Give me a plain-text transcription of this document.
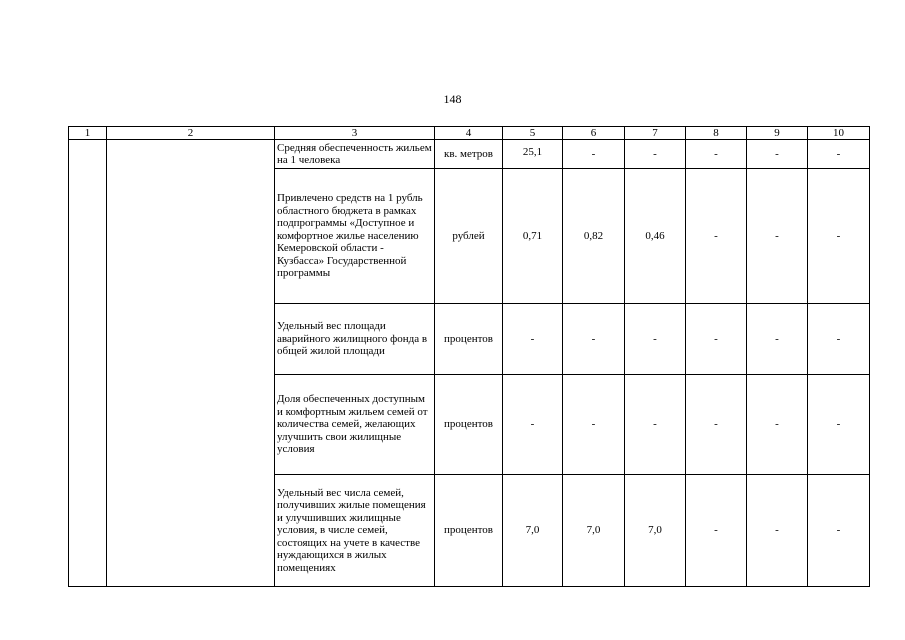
148
1	2	3	4	5	6	7	8	9	10
		Средняя обеспеченность жильем на 1 человека	кв. метров	25,1	-	-	-	-	-
		Привлечено средств на 1 рубль областного бюджета в рамках подпрограммы «Доступное и комфортное жилье населению Кемеровской области - Кузбасса» Государственной программы	рублей	0,71	0,82	0,46	-	-	-
		Удельный вес площади аварийного жилищного фонда в общей жилой площади	процентов	-	-	-	-	-	-
		Доля обеспеченных доступным и комфортным жильем семей от количества семей, желающих улучшить свои жилищные условия	процентов	-	-	-	-	-	-
		Удельный вес числа семей, получивших жилые помещения и улучшивших жилищные условия, в числе семей, состоящих на учете в качестве нуждающихся в жилых помещениях	процентов	7,0	7,0	7,0	-	-	-
